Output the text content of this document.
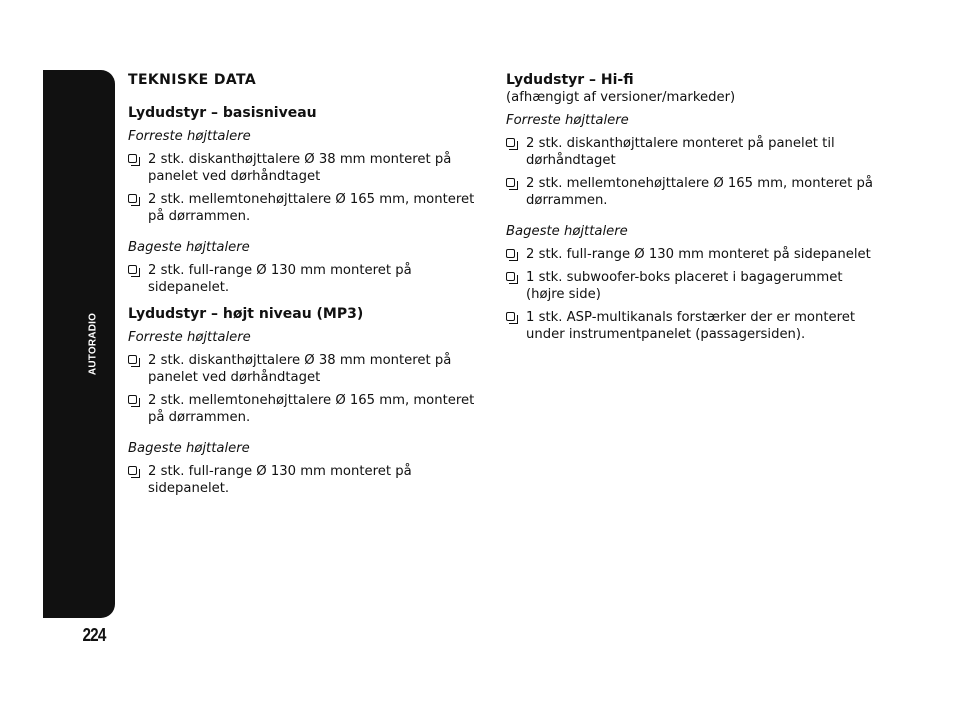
AUTORADIO
224
TEKNISKE DATA
Lydudstyr – basisniveau
Forreste højttalere
2 stk. diskanthøjttalere Ø 38 mm monteret på panelet ved dørhåndtaget
2 stk. mellemtonehøjttalere Ø 165 mm, monteret på dørrammen.
Bageste højttalere
2 stk. full-range Ø 130 mm monteret på sidepanelet.
Lydudstyr – højt niveau (MP3)
Forreste højttalere
2 stk. diskanthøjttalere Ø 38 mm monteret på panelet ved dørhåndtaget
2 stk. mellemtonehøjttalere Ø 165 mm, monteret på dørrammen.
Bageste højttalere
2 stk. full-range Ø 130 mm monteret på sidepanelet.
Lydudstyr – Hi-fi
(afhængigt af versioner/markeder)
Forreste højttalere
2 stk. diskanthøjttalere monteret på panelet til dørhåndtaget
2 stk. mellemtonehøjttalere Ø 165 mm, monteret på dørrammen.
Bageste højttalere
2 stk. full-range Ø 130 mm monteret på sidepanelet
1 stk. subwoofer-boks placeret i bagagerummet (højre side)
1 stk. ASP-multikanals forstærker der er monteret under instrumentpanelet (passagersiden).
